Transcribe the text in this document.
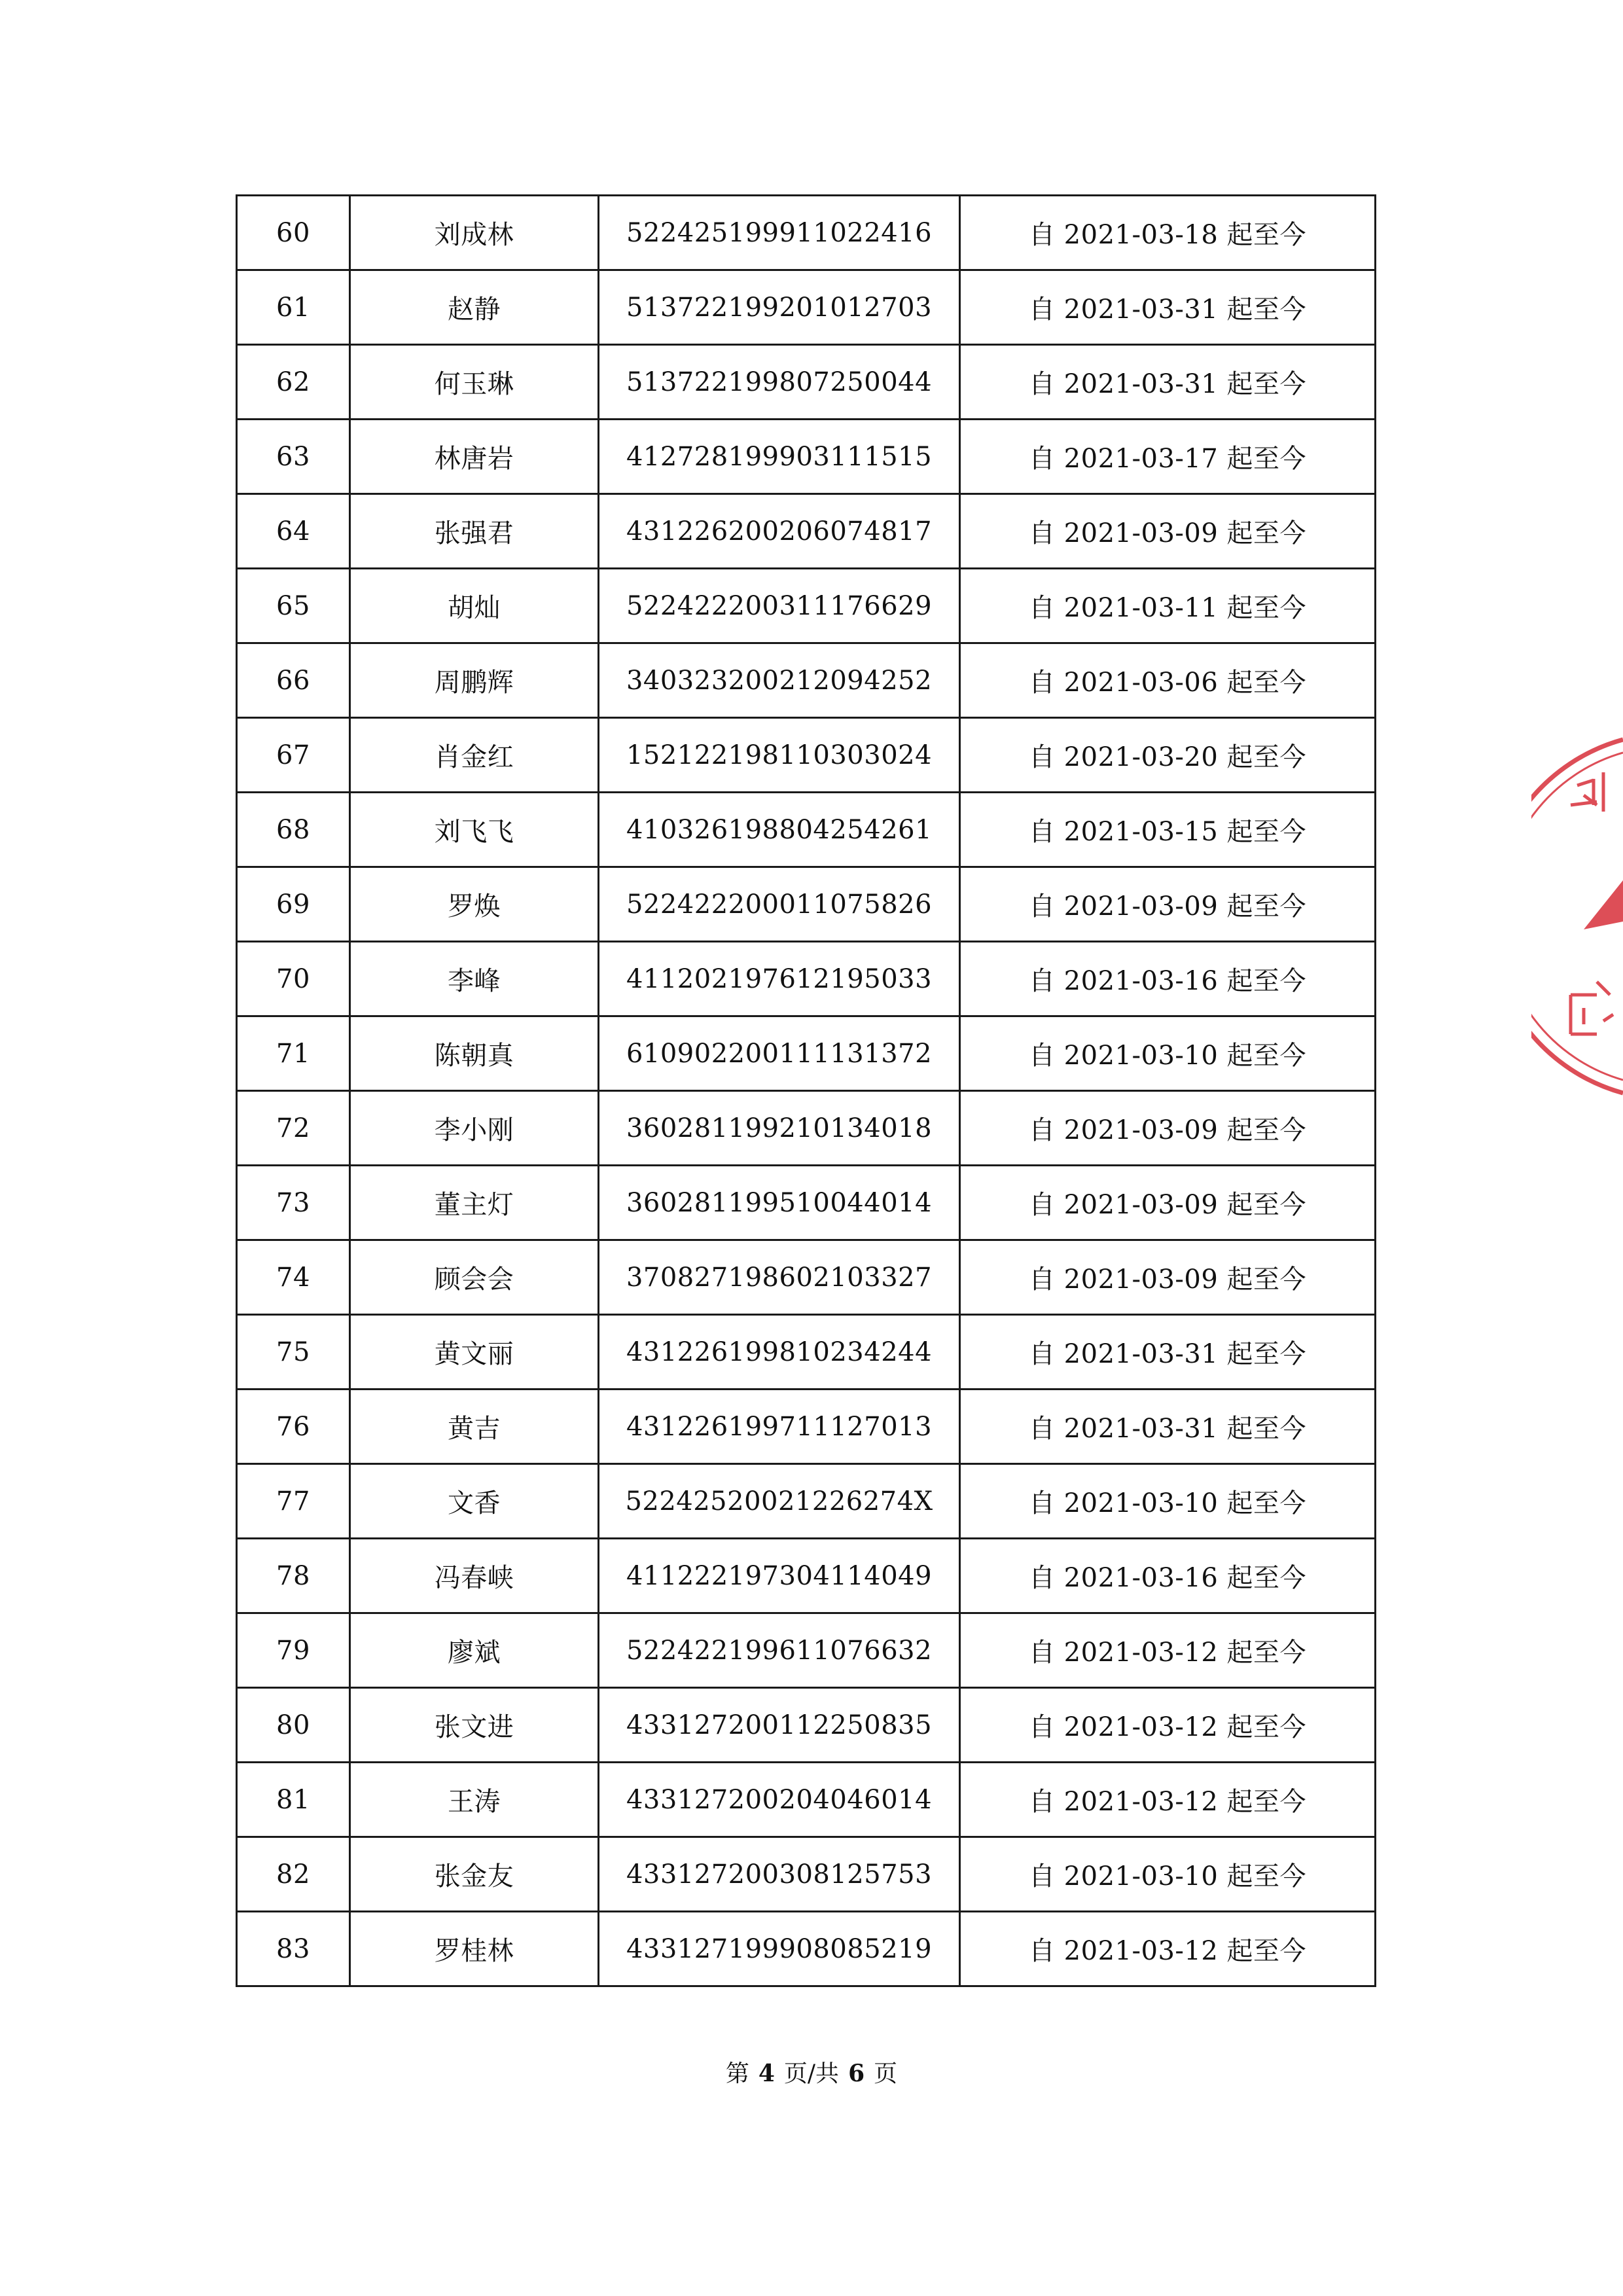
60	刘成林	522425199911022416	自 2021-03-18 起至今
61	赵静	513722199201012703	自 2021-03-31 起至今
62	何玉琳	513722199807250044	自 2021-03-31 起至今
63	林唐岩	412728199903111515	自 2021-03-17 起至今
64	张强君	431226200206074817	自 2021-03-09 起至今
65	胡灿	522422200311176629	自 2021-03-11 起至今
66	周鹏辉	340323200212094252	自 2021-03-06 起至今
67	肖金红	152122198110303024	自 2021-03-20 起至今
68	刘飞飞	410326198804254261	自 2021-03-15 起至今
69	罗焕	522422200011075826	自 2021-03-09 起至今
70	李峰	411202197612195033	自 2021-03-16 起至今
71	陈朝真	610902200111131372	自 2021-03-10 起至今
72	李小刚	360281199210134018	自 2021-03-09 起至今
73	董主灯	360281199510044014	自 2021-03-09 起至今
74	顾会会	370827198602103327	自 2021-03-09 起至今
75	黄文丽	431226199810234244	自 2021-03-31 起至今
76	黄吉	431226199711127013	自 2021-03-31 起至今
77	文香	52242520021226274X	自 2021-03-10 起至今
78	冯春峡	411222197304114049	自 2021-03-16 起至今
79	廖斌	522422199611076632	自 2021-03-12 起至今
80	张文进	433127200112250835	自 2021-03-12 起至今
81	王涛	433127200204046014	自 2021-03-12 起至今
82	张金友	433127200308125753	自 2021-03-10 起至今
83	罗桂林	433127199908085219	自 2021-03-12 起至今
第 4 页/共 6 页
